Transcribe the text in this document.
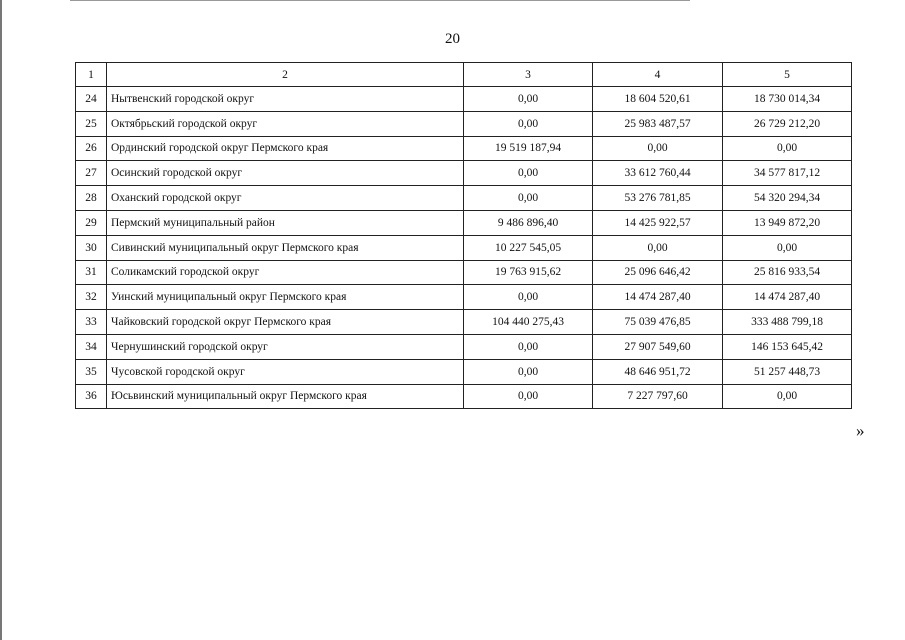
20
1	2	3	4	5
24	Нытвенский городской округ	0,00	18 604 520,61	18 730 014,34
25	Октябрьский городской округ	0,00	25 983 487,57	26 729 212,20
26	Ординский городской округ Пермского края	19 519 187,94	0,00	0,00
27	Осинский городской округ	0,00	33 612 760,44	34 577 817,12
28	Оханский городской округ	0,00	53 276 781,85	54 320 294,34
29	Пермский муниципальный район	9 486 896,40	14 425 922,57	13 949 872,20
30	Сивинский муниципальный округ Пермского края	10 227 545,05	0,00	0,00
31	Соликамский городской округ	19 763 915,62	25 096 646,42	25 816 933,54
32	Уинский муниципальный округ Пермского края	0,00	14 474 287,40	14 474 287,40
33	Чайковский городской округ Пермского края	104 440 275,43	75 039 476,85	333 488 799,18
34	Чернушинский городской округ	0,00	27 907 549,60	146 153 645,42
35	Чусовской городской округ	0,00	48 646 951,72	51 257 448,73
36	Юсьвинский муниципальный округ Пермского края	0,00	7 227 797,60	0,00
»
